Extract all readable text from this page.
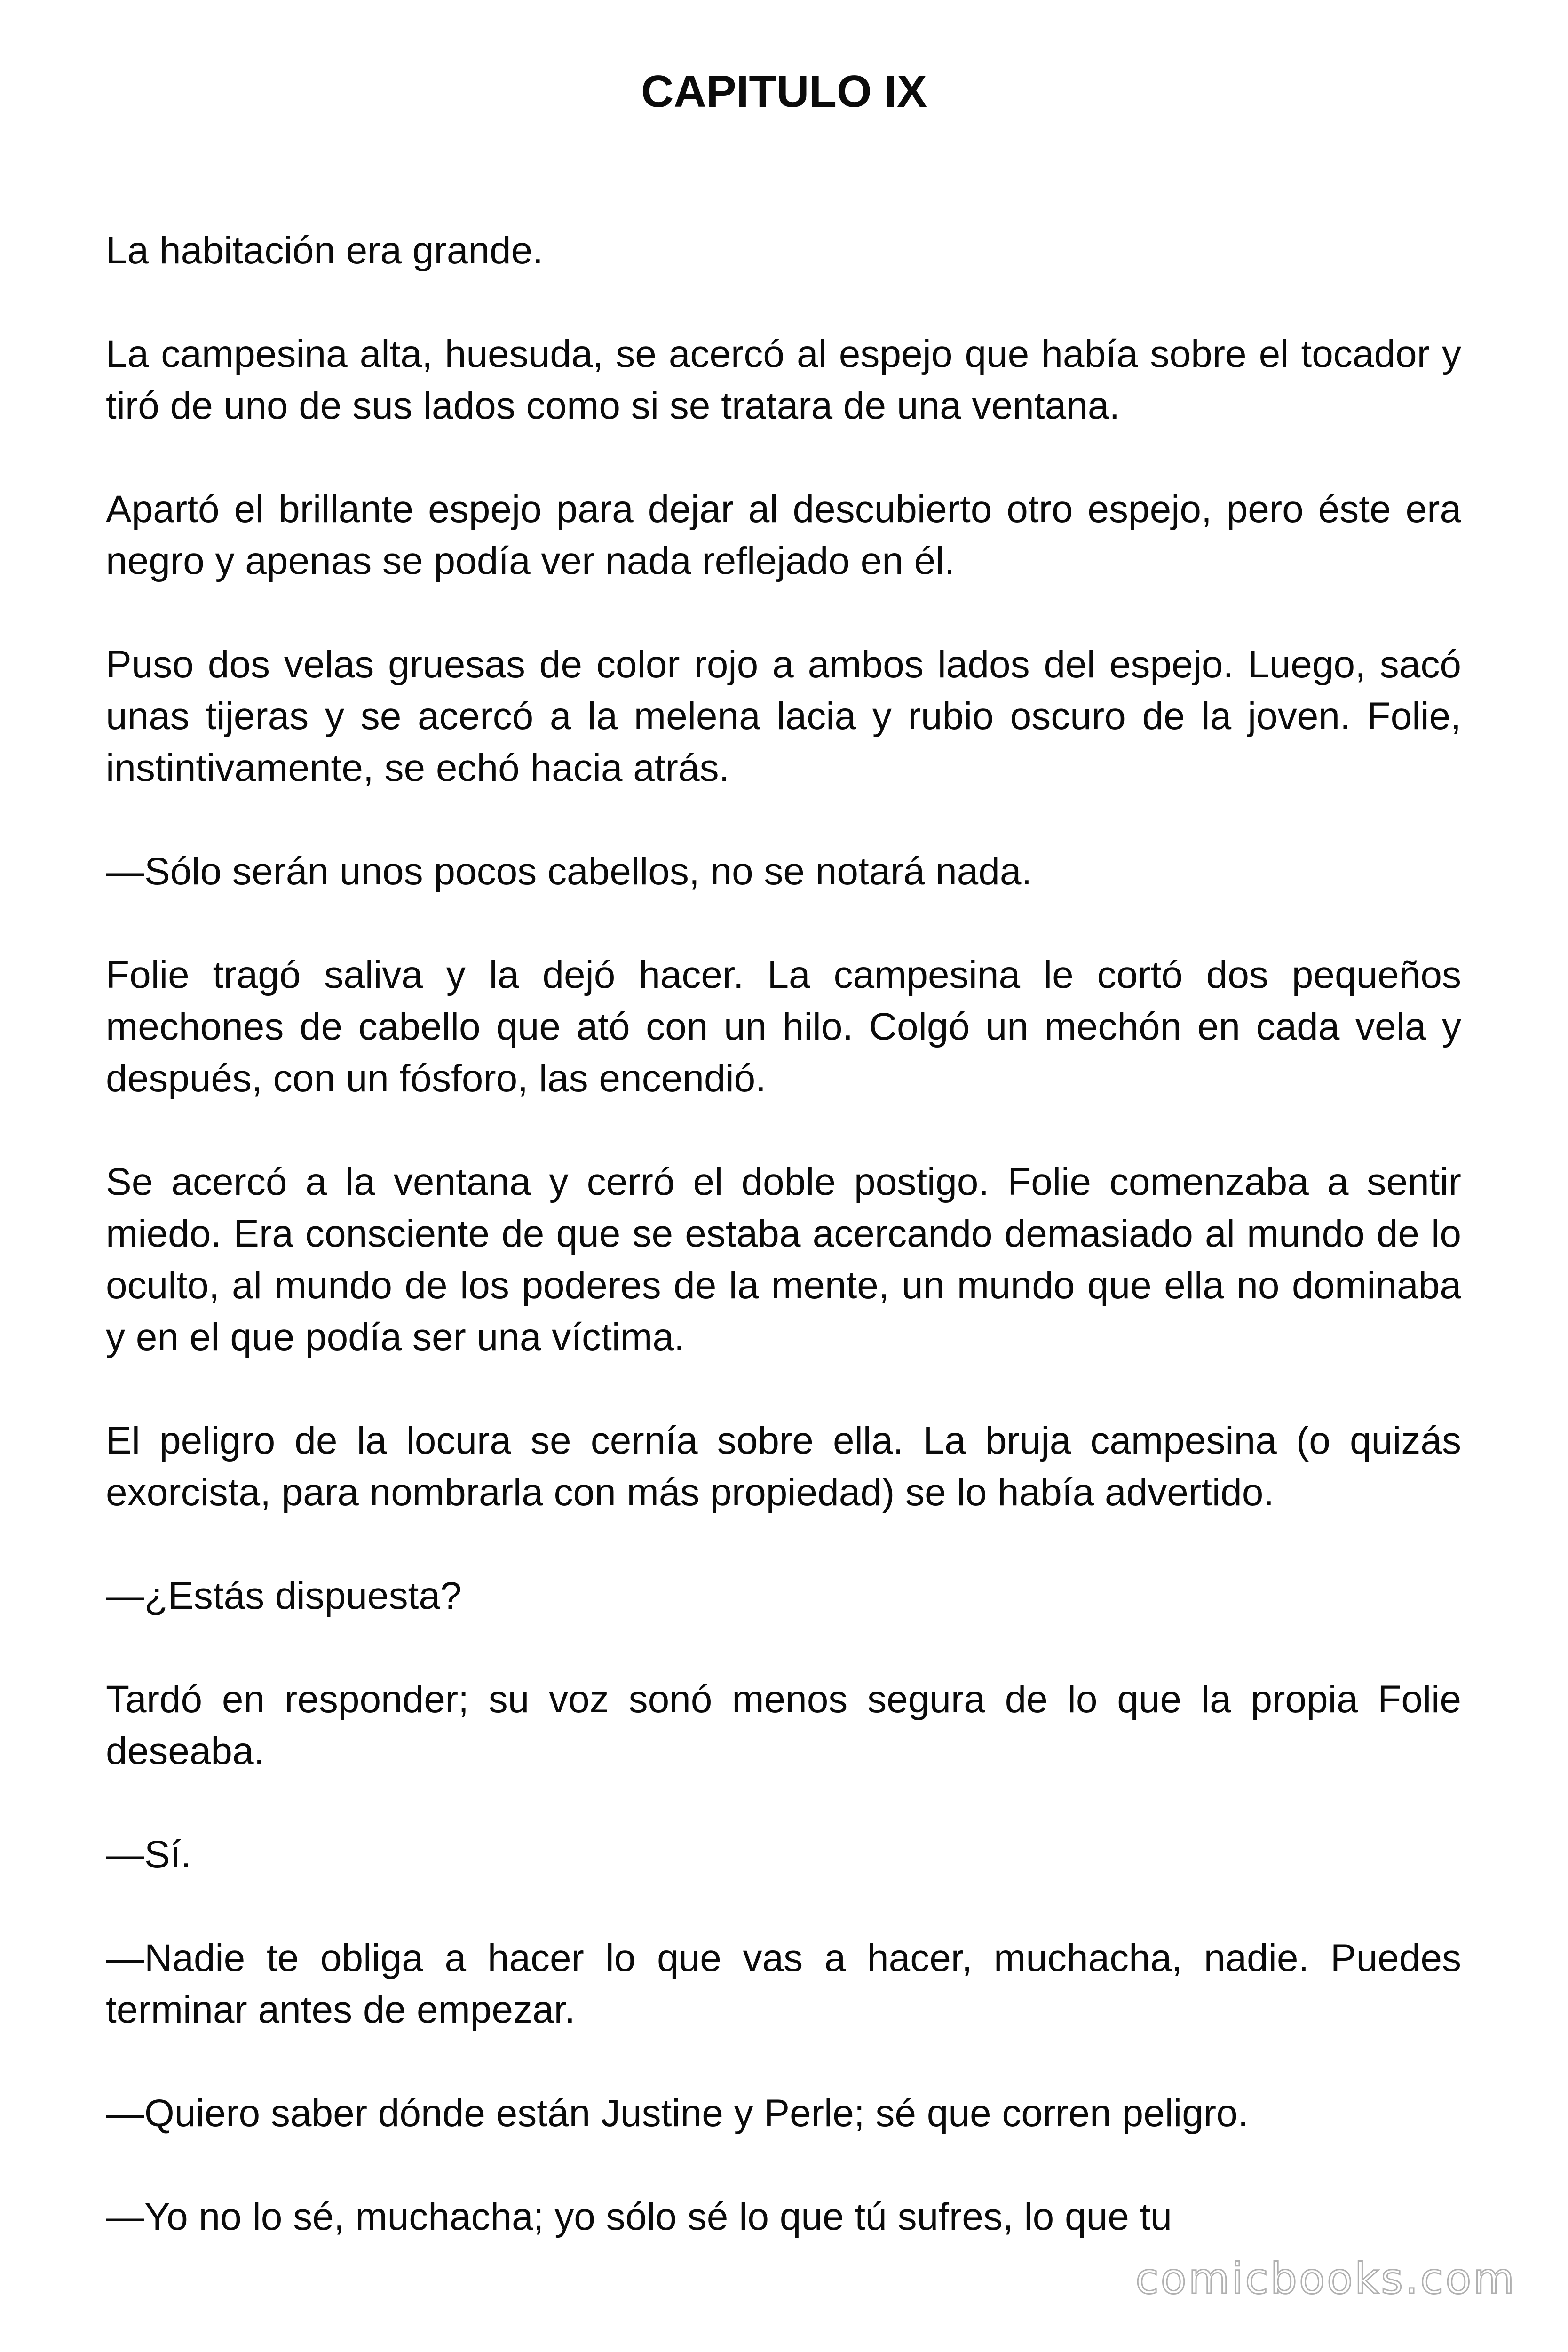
CAPITULO IX

La habitación era grande.

La campesina alta, huesuda, se acercó al espejo que había sobre el tocador y tiró de uno de sus lados como si se tratara de una ventana.

Apartó el brillante espejo para dejar al descubierto otro espejo, pero éste era negro y apenas se podía ver nada reflejado en él.

Puso dos velas gruesas de color rojo a ambos lados del espejo. Luego, sacó unas tijeras y se acercó a la melena lacia y rubio oscuro de la joven. Folie, instintivamente, se echó hacia atrás.

—Sólo serán unos pocos cabellos, no se notará nada.

Folie tragó saliva y la dejó hacer. La campesina le cortó dos pequeños mechones de cabello que ató con un hilo. Colgó un mechón en cada vela y después, con un fósforo, las encendió.

Se acercó a la ventana y cerró el doble postigo. Folie comenzaba a sentir miedo. Era consciente de que se estaba acercando demasiado al mundo de lo oculto, al mundo de los poderes de la mente, un mundo que ella no dominaba y en el que podía ser una víctima.

El peligro de la locura se cernía sobre ella. La bruja campesina (o quizás exorcista, para nombrarla con más propiedad) se lo había advertido.

—¿Estás dispuesta?

Tardó en responder; su voz sonó menos segura de lo que la propia Folie deseaba.

—Sí.

—Nadie te obliga a hacer lo que vas a hacer, muchacha, nadie. Puedes terminar antes de empezar.

—Quiero saber dónde están Justine y Perle; sé que corren peligro.

—Yo no lo sé, muchacha; yo sólo sé lo que tú sufres, lo que tu

comicbooks.com
